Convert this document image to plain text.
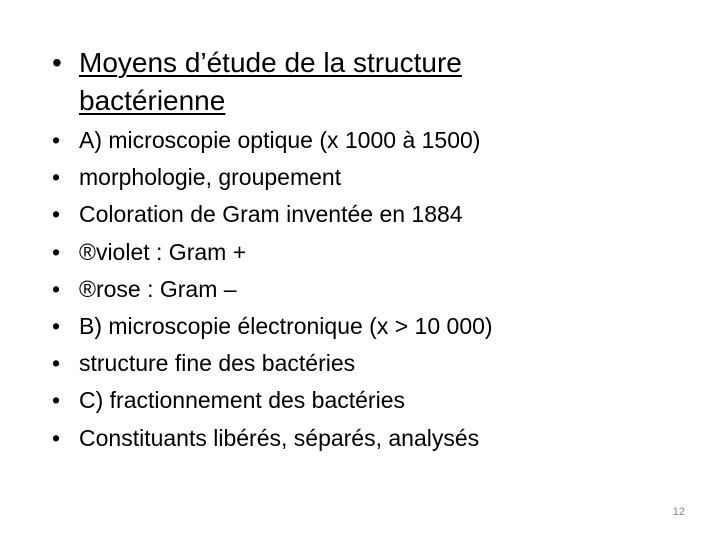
• Moyens d’étude de la structure bactérienne
• A) microscopie optique (x 1000 à 1500)
• morphologie, groupement
• Coloration de Gram inventée en 1884
• ®violet : Gram +
• ®rose : Gram –
• B) microscopie électronique (x > 10 000)
• structure fine des bactéries
• C) fractionnement des bactéries
• Constituants libérés, séparés, analysés
12
